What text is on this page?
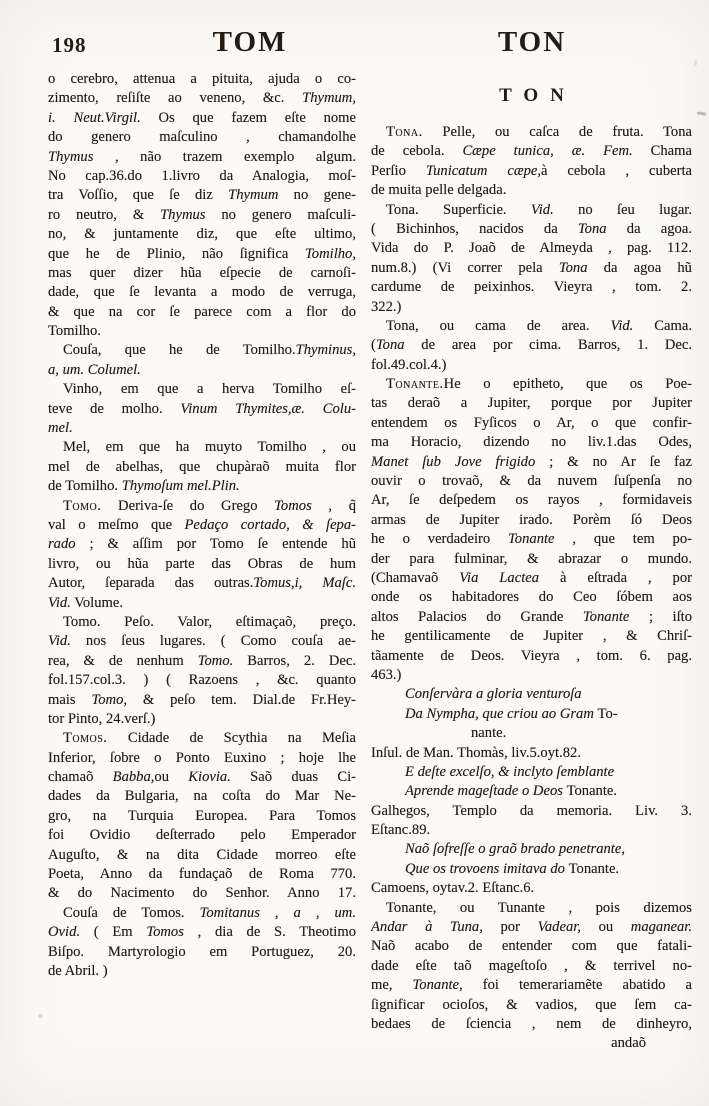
198	TOM	TON
o cerebro, attenua a pituita, ajuda o co-
zimento, reſiſte ao veneno, &c. Thymum,
i. Neut.Virgil. Os que fazem eſte nome
do genero maſculino , chamandolhe
Thymus , não trazem exemplo algum.
No cap.36.do 1.livro da Analogia, moſ-
tra Voſſio, que ſe diz Thymum no gene-
ro neutro, & Thymus no genero maſculi-
no, & juntamente diz, que eſte ultimo,
que he de Plinio, não ſignifica Tomilho,
mas quer dizer hũa eſpecie de carnoſi-
dade, que ſe levanta a modo de verruga,
& que na cor ſe parece com a flor do
Tomilho.
Couſa, que he de Tomilho.Thyminus,
a, um. Columel.
Vinho, em que a herva Tomilho eſ-
teve de molho. Vinum Thymites,æ. Colu-
mel.
Mel, em que ha muyto Tomilho , ou
mel de abelhas, que chupàraõ muita flor
de Tomilho. Thymoſum mel.Plin.
Tomo. Deriva-ſe do Grego Tomos , q̃
val o meſmo que Pedaço cortado, & ſepa-
rado ; & aſſim por Tomo ſe entende hũ
livro, ou hũa parte das Obras de hum
Autor, ſeparada das outras.Tomus,i, Maſc.
Vid. Volume.
Tomo. Peſo. Valor, eſtimaçaõ, preço.
Vid. nos ſeus lugares. ( Como couſa ae-
rea, & de nenhum Tomo. Barros, 2. Dec.
fol.157.col.3. ) ( Razoens , &c. quanto
mais Tomo, & peſo tem. Dial.de Fr.Hey-
tor Pinto, 24.verſ.)
Tomos. Cidade de Scythia na Meſia
Inferior, ſobre o Ponto Euxino ; hoje lhe
chamaõ Babba,ou Kiovia. Saõ duas Ci-
dades da Bulgaria, na coſta do Mar Ne-
gro, na Turquia Europea. Para Tomos
foi Ovidio deſterrado pelo Emperador
Auguſto, & na dita Cidade morreo eſte
Poeta, Anno da fundaçaõ de Roma 770.
& do Nacimento do Senhor. Anno 17.
Couſa de Tomos. Tomitanus , a , um.
Ovid. ( Em Tomos , dia de S. Theotimo
Biſpo. Martyrologio em Portuguez, 20.
de Abril. )
TON
Tona. Pelle, ou caſca de fruta. Tona
de cebola. Cæpe tunica, æ. Fem. Chama
Perſio Tunicatum cæpe,à cebola , cuberta
de muita pelle delgada.
Tona. Superficie. Vid. no ſeu lugar.
( Bichinhos, nacidos da Tona da agoa.
Vida do P. Joaõ de Almeyda , pag. 112.
num.8.) (Vi correr pela Tona da agoa hũ
cardume de peixinhos. Vieyra , tom. 2.
322.)
Tona, ou cama de area. Vid. Cama.
(Tona de area por cima. Barros, 1. Dec.
fol.49.col.4.)
Tonante.He o epitheto, que os Poe-
tas deraõ a Jupiter, porque por Jupiter
entendem os Fyſicos o Ar, o que confir-
ma Horacio, dizendo no liv.1.das Odes,
Manet ſub Jove frigido ; & no Ar ſe faz
ouvir o trovaõ, & da nuvem ſuſpenſa no
Ar, ſe deſpedem os rayos , formidaveis
armas de Jupiter irado. Porèm ſó Deos
he o verdadeiro Tonante , que tem po-
der para fulminar, & abrazar o mundo.
(Chamavaõ Via Lactea à eſtrada , por
onde os habitadores do Ceo ſóbem aos
altos Palacios do Grande Tonante ; iſto
he gentilicamente de Jupiter , & Chriſ-
tãamente de Deos. Vieyra , tom. 6. pag.
463.)
Conſervàra a gloria venturoſa
Da Nympha, que criou ao Gram To-
nante.
Inſul. de Man. Thomàs, liv.5.oyt.82.
E deſte excelſo, & inclyto ſemblante
Aprende mageſtade o Deos Tonante.
Galhegos, Templo da memoria. Liv. 3.
Eſtanc.89.
Naõ ſofreſſe o graõ brado penetrante,
Que os trovoens imitava do Tonante.
Camoens, oytav.2. Eſtanc.6.
Tonante, ou Tunante , pois dizemos
Andar à Tuna, por Vadear, ou maganear.
Naõ acabo de entender com que fatali-
dade eſte taõ mageſtoſo , & terrivel no-
me, Tonante, foi temerariamẽte abatido a
ſignificar ocioſos, & vadios, que ſem ca-
bedaes de ſciencia , nem de dinheyro,
andaõ
